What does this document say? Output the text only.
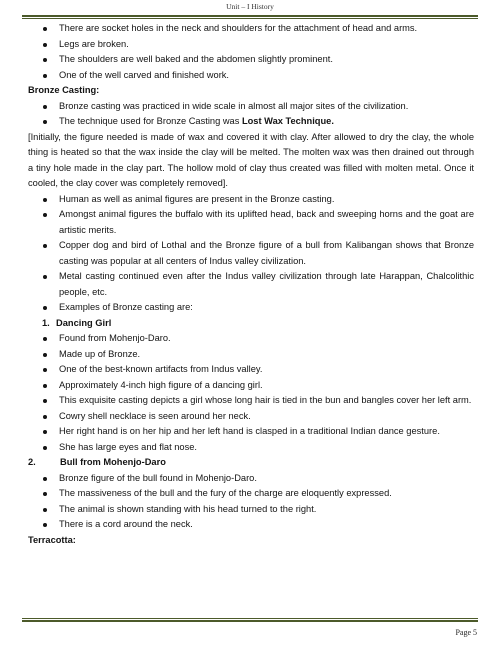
Unit – I History

There are socket holes in the neck and shoulders for the attachment of head and arms.

Legs are broken.

The shoulders are well baked and the abdomen slightly prominent.

One of the well carved and finished work.

Bronze Casting:

Bronze casting was practiced in wide scale in almost all major sites of the civilization.

The technique used for Bronze Casting was Lost Wax Technique.

[Initially, the figure needed is made of wax and covered it with clay. After allowed to dry the clay, the whole thing is heated so that the wax inside the clay will be melted. The molten wax was then drained out through a tiny hole made in the clay part. The hollow mold of clay thus created was filled with molten metal. Once it cooled, the clay cover was completely removed].

Human as well as animal figures are present in the Bronze casting.

Amongst animal figures the buffalo with its uplifted head, back and sweeping horns and the goat are artistic merits.

Copper dog and bird of Lothal and the Bronze figure of a bull from Kalibangan shows that Bronze casting was popular at all centers of Indus valley civilization.

Metal casting continued even after the Indus valley civilization through late Harappan, Chalcolithic people, etc.

Examples of Bronze casting are:

1. Dancing Girl

Found from Mohenjo-Daro.

Made up of Bronze.

One of the best-known artifacts from Indus valley.

Approximately 4-inch high figure of a dancing girl.

This exquisite casting depicts a girl whose long hair is tied in the bun and bangles cover her left arm.

Cowry shell necklace is seen around her neck.

Her right hand is on her hip and her left hand is clasped in a traditional Indian dance gesture.

She has large eyes and flat nose.

2.	Bull from Mohenjo-Daro

Bronze figure of the bull found in Mohenjo-Daro.

The massiveness of the bull and the fury of the charge are eloquently expressed.

The animal is shown standing with his head turned to the right.

There is a cord around the neck.

Terracotta:

Page 5
